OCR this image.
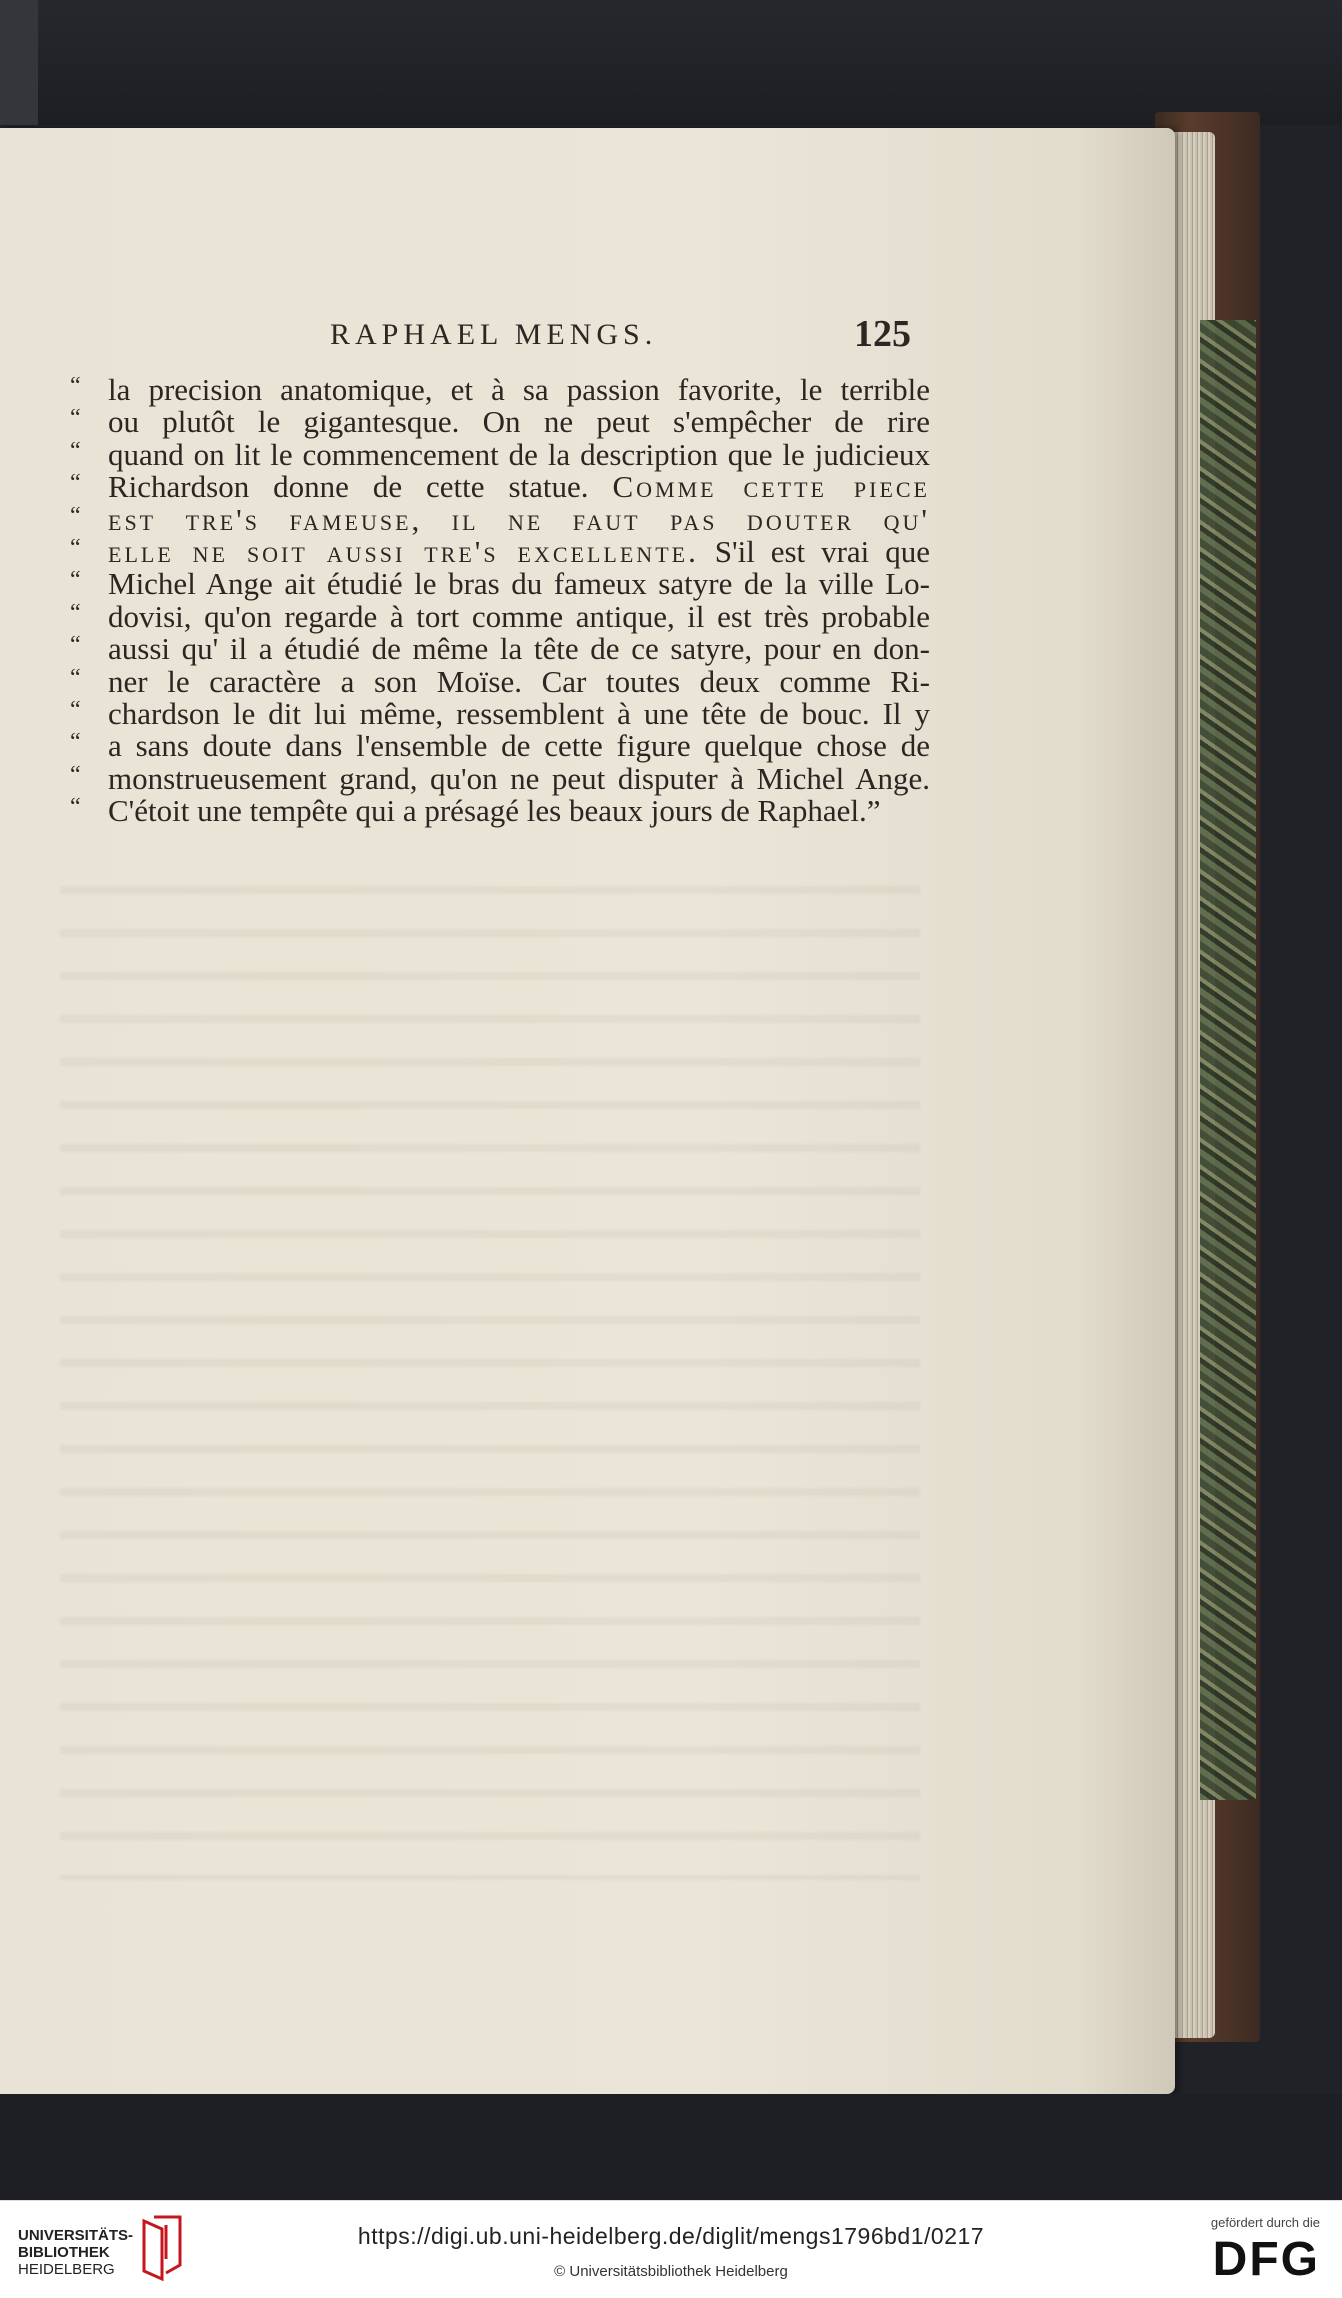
RAPHAEL MENGS.	125
“ la precision anatomique, et à sa passion favorite, le terrible
“ ou plutôt le gigantesque. On ne peut s'empêcher de rire
“ quand on lit le commencement de la description que le judicieux
“ Richardson donne de cette statue. Comme cette piece
“ est tre's fameuse, il ne faut pas douter qu'
“ elle ne soit aussi tre's excellente. S'il est vrai que
“ Michel Ange ait étudié le bras du fameux satyre de la ville Lo-
“ dovisi, qu'on regarde à tort comme antique, il est très probable
“ aussi qu' il a étudié de même la tête de ce satyre, pour en don-
“ ner le caractère a son Moïse. Car toutes deux comme Ri-
“ chardson le dit lui même, ressemblent à une tête de bouc. Il y
“ a sans doute dans l'ensemble de cette figure quelque chose de
“ monstrueusement grand, qu'on ne peut disputer à Michel Ange.
“ C'étoit une tempête qui a présagé les beaux jours de Raphael.”
UNIVERSITÄTS-
BIBLIOTHEK
HEIDELBERG
https://digi.ub.uni-heidelberg.de/diglit/mengs1796bd1/0217
© Universitätsbibliothek Heidelberg
gefördert durch die
DFG
